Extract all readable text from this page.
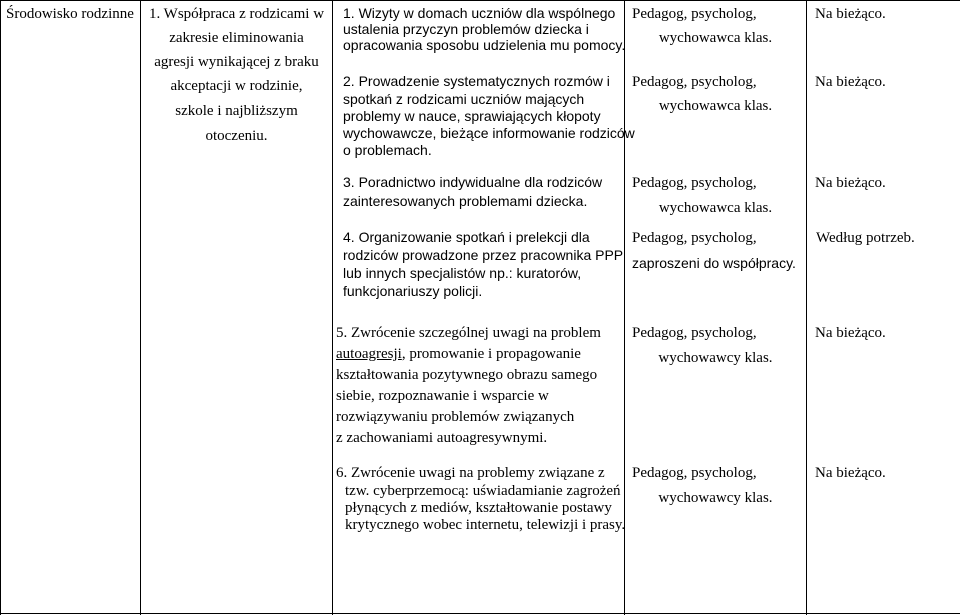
Środowisko rodzinne	1. Współpraca z rodzicami w
zakresie eliminowania
agresji wynikającej z braku
akceptacji w rodzinie,
szkole i najbliższym
otoczeniu.
1. Wizyty w domach uczniów dla wspólnego
ustalenia przyczyn problemów dziecka i
opracowania sposobu udzielenia mu pomocy.
Pedagog, psycholog,
wychowawca klas.
Na bieżąco.
2. Prowadzenie systematycznych rozmów i
spotkań z rodzicami uczniów mających
problemy w nauce, sprawiających kłopoty
wychowawcze, bieżące informowanie rodziców
o problemach.
Pedagog, psycholog,
wychowawca klas.
Na bieżąco.
3. Poradnictwo indywidualne dla rodziców
zainteresowanych problemami dziecka.
Pedagog, psycholog,
wychowawca klas.
Na bieżąco.
4. Organizowanie spotkań i prelekcji dla
rodziców prowadzone przez pracownika PPP
lub innych specjalistów np.: kuratorów,
funkcjonariuszy policji.
Pedagog, psycholog,
zaproszeni do współpracy.
Według potrzeb.
5. Zwrócenie szczególnej uwagi na problem
autoagresji, promowanie i propagowanie
kształtowania pozytywnego obrazu samego
siebie, rozpoznawanie i wsparcie w
rozwiązywaniu problemów związanych
z zachowaniami autoagresywnymi.
Pedagog, psycholog,
wychowawcy klas.
Na bieżąco.
6. Zwrócenie uwagi na problemy związane z
tzw. cyberprzemocą: uświadamianie zagrożeń
płynących z mediów, kształtowanie postawy
krytycznego wobec internetu, telewizji i prasy.
Pedagog, psycholog,
wychowawcy klas.
Na bieżąco.
